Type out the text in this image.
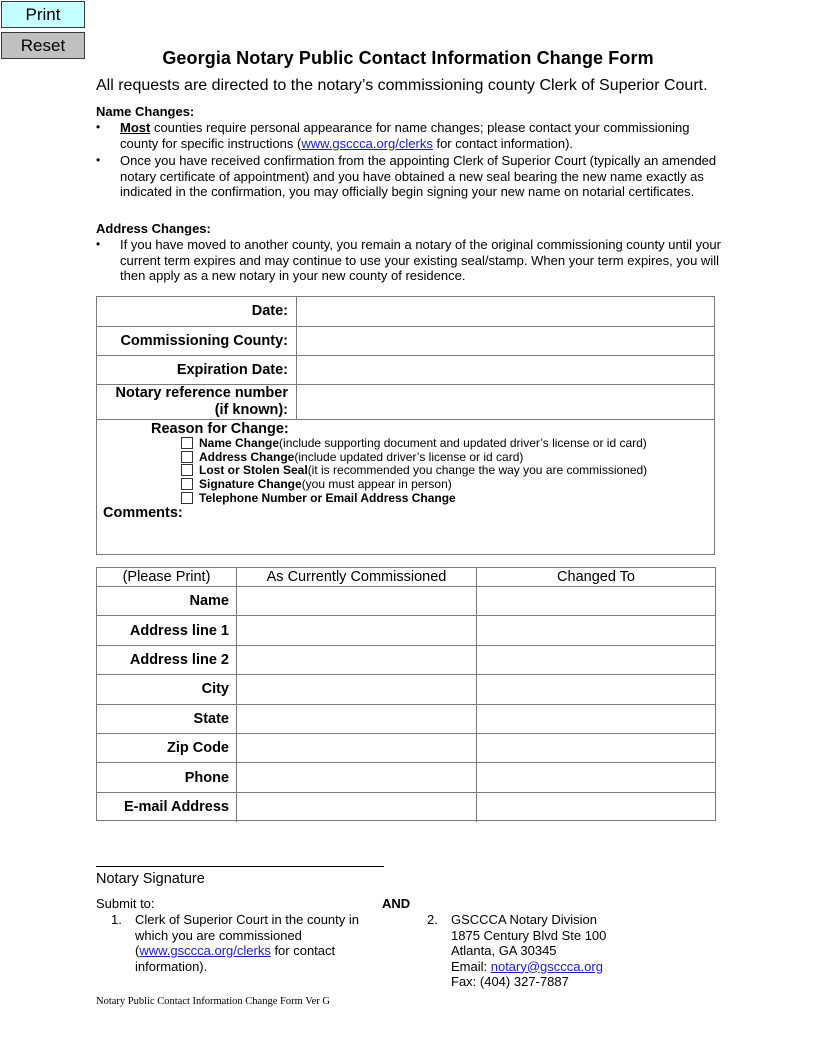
Print
Reset
Georgia Notary Public Contact Information Change Form
All requests are directed to the notary’s commissioning county Clerk of Superior Court.
Name Changes:
• Most counties require personal appearance for name changes; please contact your commissioning county for specific instructions (www.gsccca.org/clerks for contact information).
• Once you have received confirmation from the appointing Clerk of Superior Court (typically an amended notary certificate of appointment) and you have obtained a new seal bearing the new name exactly as indicated in the confirmation, you may officially begin signing your new name on notarial certificates.
Address Changes:
• If you have moved to another county, you remain a notary of the original commissioning county until your current term expires and may continue to use your existing seal/stamp. When your term expires, you will then apply as a new notary in your new county of residence.
Date:
Commissioning County:
Expiration Date:
Notary reference number
(if known):
Reason for Change:
Name Change (include supporting document and updated driver’s license or id card)
Address Change (include updated driver’s license or id card)
Lost or Stolen Seal (it is recommended you change the way you are commissioned)
Signature Change (you must appear in person)
Telephone Number or Email Address Change
Comments:
(Please Print)	As Currently Commissioned	Changed To
Name
Address line 1
Address line 2
City
State
Zip Code
Phone
E-mail Address
Notary Signature
Submit to:	AND
1. Clerk of Superior Court in the county in
which you are commissioned
(www.gsccca.org/clerks for contact
information).
2. GSCCCA Notary Division
1875 Century Blvd Ste 100
Atlanta, GA 30345
Email: notary@gsccca.org
Fax: (404) 327-7887
Notary Public Contact Information Change Form Ver G
